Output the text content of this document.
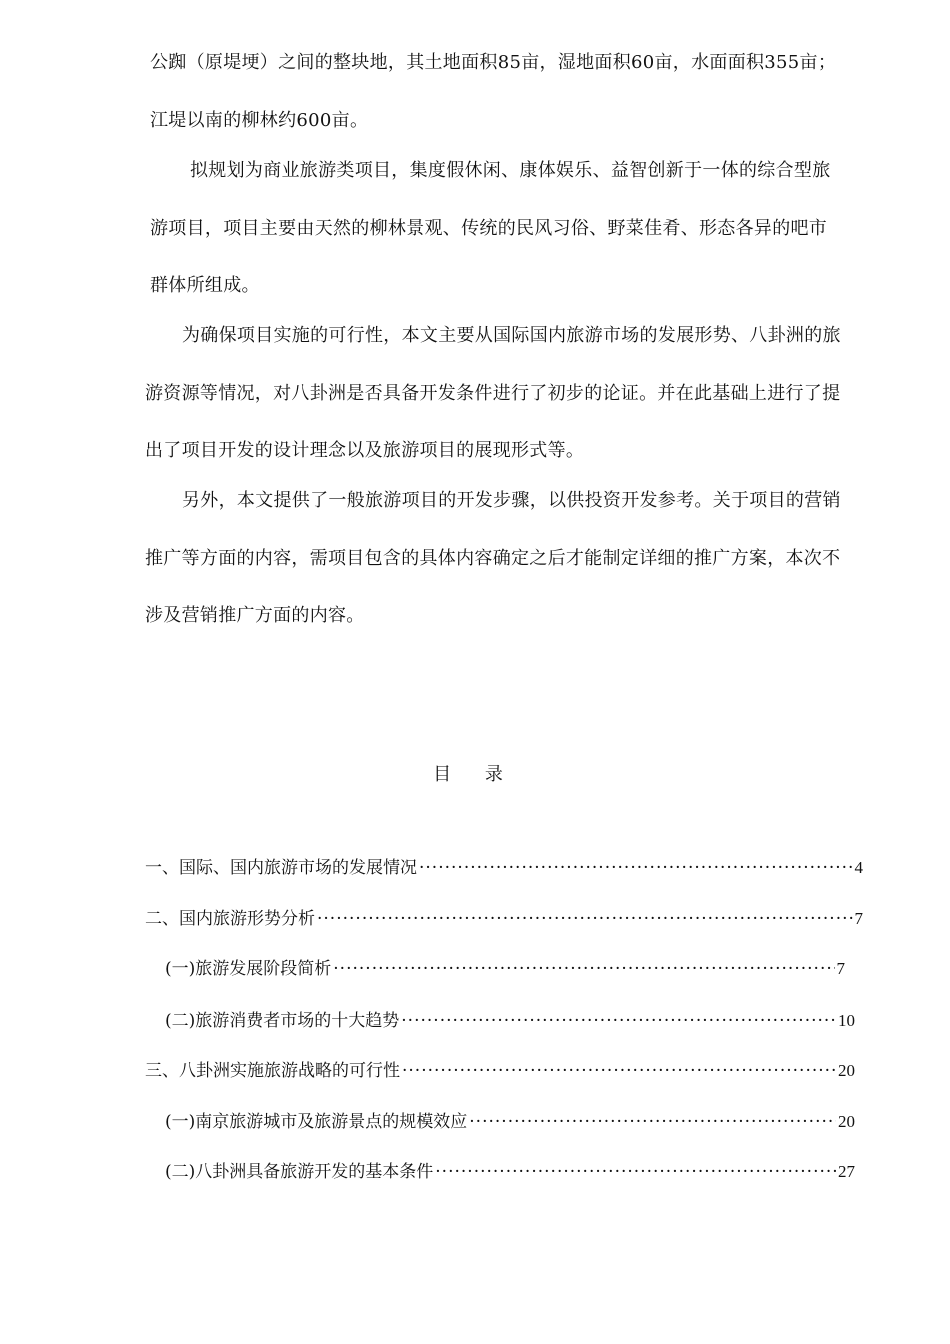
公踟（原堤埂）之间的整块地，其土地面积85亩，湿地面积60亩，水面面积355亩；
江堤以南的柳林约600亩。
拟规划为商业旅游类项目，集度假休闲、康体娱乐、益智创新于一体的综合型旅
游项目，项目主要由天然的柳林景观、传统的民风习俗、野菜佳肴、形态各异的吧市
群体所组成。
为确保项目实施的可行性，本文主要从国际国内旅游市场的发展形势、八卦洲的旅
游资源等情况，对八卦洲是否具备开发条件进行了初步的论证。并在此基础上进行了提
出了项目开发的设计理念以及旅游项目的展现形式等。
另外，本文提供了一般旅游项目的开发步骤，以供投资开发参考。关于项目的营销
推广等方面的内容，需项目包含的具体内容确定之后才能制定详细的推广方案，本次不
涉及营销推广方面的内容。
目 录
一、国际、国内旅游市场的发展情况 ·····	4
二、国内旅游形势分析 ·····	7
(一)旅游发展阶段简析 ·····	7
(二)旅游消费者市场的十大趋势 ·····	10
三、八卦洲实施旅游战略的可行性 ·····	20
(一)南京旅游城市及旅游景点的规模效应 ·····	20
(二)八卦洲具备旅游开发的基本条件 ·····	27
